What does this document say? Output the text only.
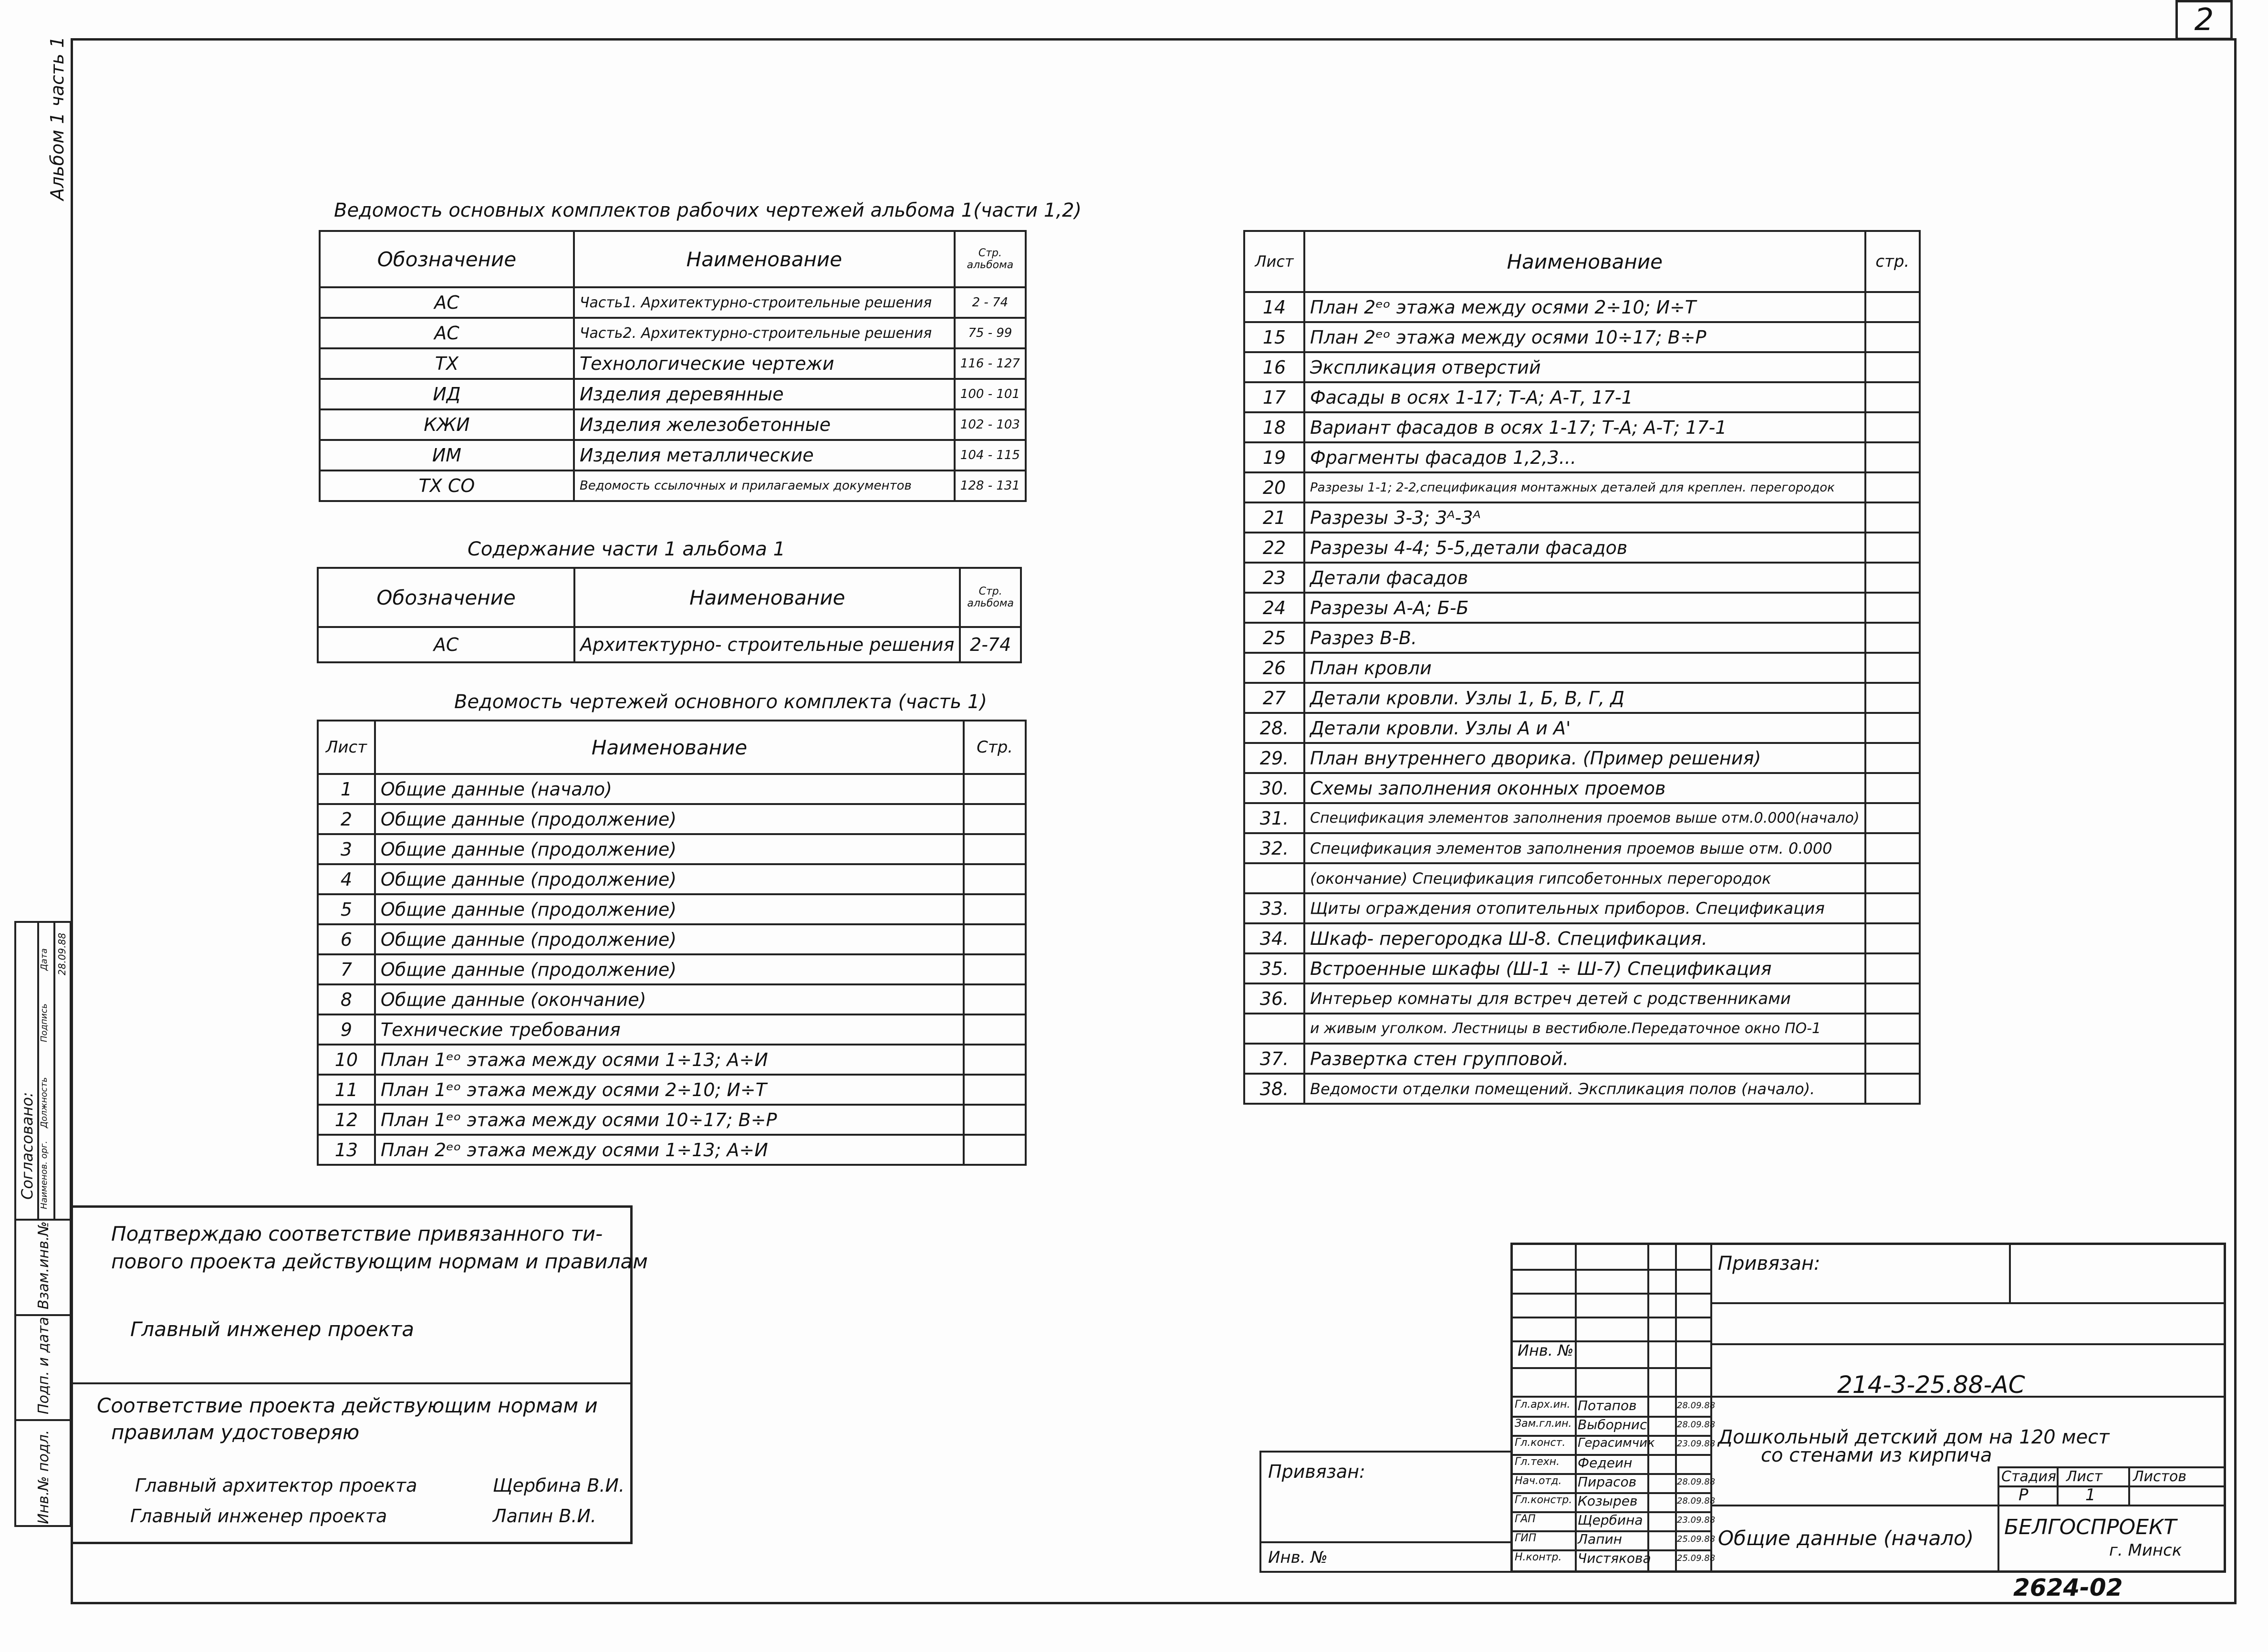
2
Альбом 1 часть 1
Согласовано: Наименов. орг.
Должность
Подпись
Дата 28.09.88
Инв.№ подл.
Подп. и дата
Взам.инв.№
Ведомость основных комплектов рабочих чертежей альбома 1(части 1,2)
Обозначение	Наименование	Стр. альбома
АС	Часть1. Архитектурно-строительные решения	2 - 74
АС	Часть2. Архитектурно-строительные решения	75 - 99
ТХ	Технологические чертежи	116 - 127
ИД	Изделия деревянные	100 - 101
КЖИ	Изделия железобетонные	102 - 103
ИМ	Изделия металлические	104 - 115
ТХ СО	Ведомость ссылочных и прилагаемых документов	128 - 131
Содержание части 1 альбома 1
Обозначение	Наименование	Стр. альбома
АС	Архитектурно- строительные решения	2-74
Ведомость чертежей основного комплекта (часть 1)
Лист	Наименование	Стр.
1	Общие данные (начало)	
2	Общие данные (продолжение)	
3	Общие данные (продолжение)	
4	Общие данные (продолжение)	
5	Общие данные (продолжение)	
6	Общие данные (продолжение)	
7	Общие данные (продолжение)	
8	Общие данные (окончание)	
9	Технические требования	
10	План 1ᵉᵒ этажа между осями 1÷13; А÷И	
11	План 1ᵉᵒ этажа между осями 2÷10; И÷Т	
12	План 1ᵉᵒ этажа между осями 10÷17; В÷Р	
13	План 2ᵉᵒ этажа между осями 1÷13; А÷И	
Лист	Наименование	стр.
14	План 2ᵉᵒ этажа между осями 2÷10; И÷Т	
15	План 2ᵉᵒ этажа между осями 10÷17; В÷Р	
16	Экспликация отверстий	
17	Фасады в осях 1-17; Т-А; А-Т, 17-1	
18	Вариант фасадов в осях 1-17; Т-А; А-Т; 17-1	
19	Фрагменты фасадов 1,2,3...	
20	Разрезы 1-1; 2-2,спецификация монтажных деталей для креплен. перегородок	
21	Разрезы 3-3; 3ᴬ-3ᴬ	
22	Разрезы 4-4; 5-5,детали фасадов	
23	Детали фасадов	
24	Разрезы А-А; Б-Б	
25	Разрез В-В.	
26	План кровли	
27	Детали кровли. Узлы 1, Б, В, Г, Д	
28.	Детали кровли. Узлы А и А'	
29.	План внутреннего дворика. (Пример решения)	
30.	Схемы заполнения оконных проемов	
31.	Спецификация элементов заполнения проемов выше отм.0.000(начало)	
32.	Спецификация элементов заполнения проемов выше отм. 0.000	
	(окончание) Спецификация гипсобетонных перегородок	
33.	Щиты ограждения отопительных приборов. Спецификация	
34.	Шкаф- перегородка Ш-8. Спецификация.	
35.	Встроенные шкафы (Ш-1 ÷ Ш-7) Спецификация	
36.	Интерьер комнаты для встреч детей с родственниками	
	и живым уголком. Лестницы в вестибюле.Передаточное окно ПО-1	
37.	Развертка стен групповой.	
38.	Ведомости отделки помещений. Экспликация полов (начало).	
Подтверждаю соответствие привязанного ти-
пового проекта действующим нормам и правилам
Главный инженер проекта
Соответствие проекта действующим нормам и
правилам удостоверяю
Главный архитектор проекта	Щербина В.И.
Главный инженер проекта	Лапин В.И.
Привязан:
Инв. №
Инв. №
Гл.арх.ин. Потапов	28.09.88
Зам.гл.ин. Выборнис	28.09.88
Гл.конст. Герасимчик	23.09.88
Гл.техн. Федеин
Нач.отд. Пирасов	28.09.88
Гл.констр. Козырев	28.09.88
ГАП	Щербина	23.09.88
ГИП	Лапин	25.09.88
Н.контр. Чистякова	25.09.88
Привязан:
214-3-25.88-АС
Дошкольный детский дом на 120 мест
со стенами из кирпича
Стадия Лист Листов
Р	1
Общие данные (начало) БЕЛГОСПРОЕКТ
г. Минск
2624-02
